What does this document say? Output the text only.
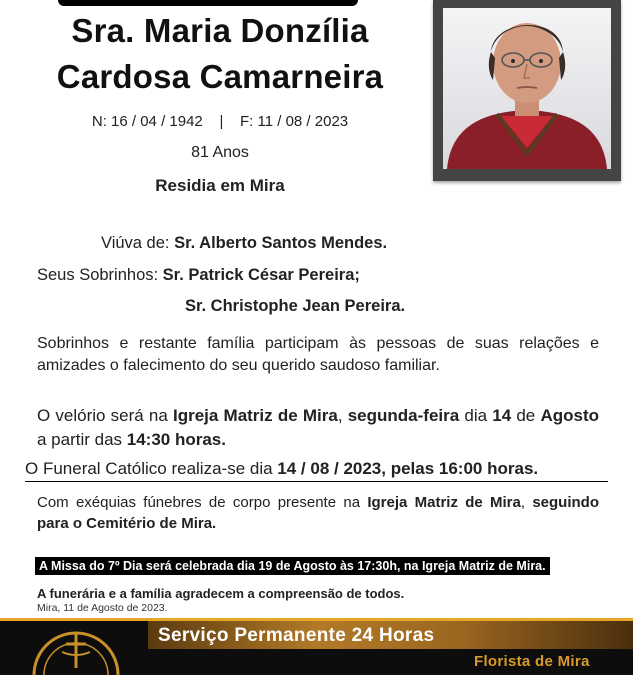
Sra. Maria Donzília
Cardosa Camarneira
N: 16 / 04 / 1942    |    F: 11 / 08 / 2023
81 Anos
Residia em Mira
Viúva de: Sr. Alberto Santos Mendes.
Seus Sobrinhos: Sr. Patrick César Pereira;
Sr. Christophe Jean Pereira.
Sobrinhos e restante família participam às pessoas de suas relações e amizades o falecimento do seu querido saudoso familiar.
O velório será na Igreja Matriz de Mira, segunda-feira dia 14 de Agosto a partir das 14:30 horas.
O Funeral Católico realiza-se dia 14 / 08 / 2023, pelas 16:00 horas.
Com exéquias fúnebres de corpo presente na Igreja Matriz de Mira, seguindo para o Cemitério de Mira.
A Missa do 7º Dia será celebrada dia 19 de Agosto às 17:30h, na Igreja Matriz de Mira.
A funerária e a família agradecem a compreensão de todos.
Mira, 11 de Agosto de 2023.
Serviço Permanente 24 Horas
Florista de Mira
